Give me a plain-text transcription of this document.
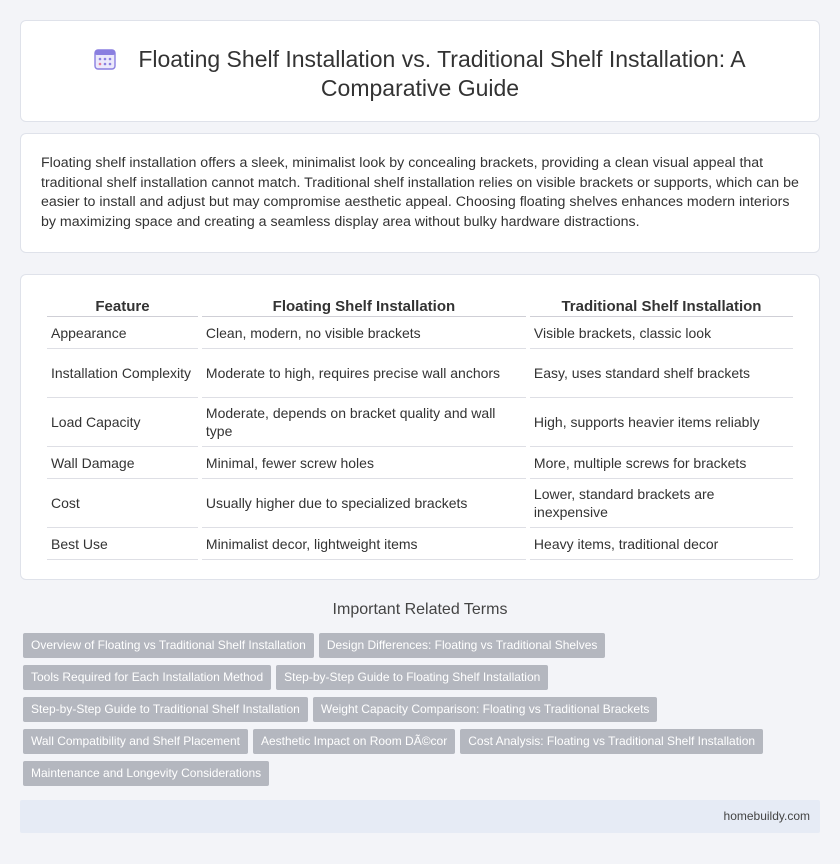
Floating Shelf Installation vs. Traditional Shelf Installation: A Comparative Guide

Floating shelf installation offers a sleek, minimalist look by concealing brackets, providing a clean visual appeal that traditional shelf installation cannot match. Traditional shelf installation relies on visible brackets or supports, which can be easier to install and adjust but may compromise aesthetic appeal. Choosing floating shelves enhances modern interiors by maximizing space and creating a seamless display area without bulky hardware distractions.

Feature	Floating Shelf Installation	Traditional Shelf Installation
Appearance	Clean, modern, no visible brackets	Visible brackets, classic look
Installation Complexity	Moderate to high, requires precise wall anchors	Easy, uses standard shelf brackets
Load Capacity	Moderate, depends on bracket quality and wall type	High, supports heavier items reliably
Wall Damage	Minimal, fewer screw holes	More, multiple screws for brackets
Cost	Usually higher due to specialized brackets	Lower, standard brackets are inexpensive
Best Use	Minimalist decor, lightweight items	Heavy items, traditional decor
Important Related Terms
Overview of Floating vs Traditional Shelf Installation Design Differences: Floating vs Traditional Shelves
Tools Required for Each Installation Method Step-by-Step Guide to Floating Shelf Installation
Step-by-Step Guide to Traditional Shelf Installation Weight Capacity Comparison: Floating vs Traditional Brackets
Wall Compatibility and Shelf Placement Aesthetic Impact on Room DÃ©cor Cost Analysis: Floating vs Traditional Shelf Installation
Maintenance and Longevity Considerations
homebuildy.com
